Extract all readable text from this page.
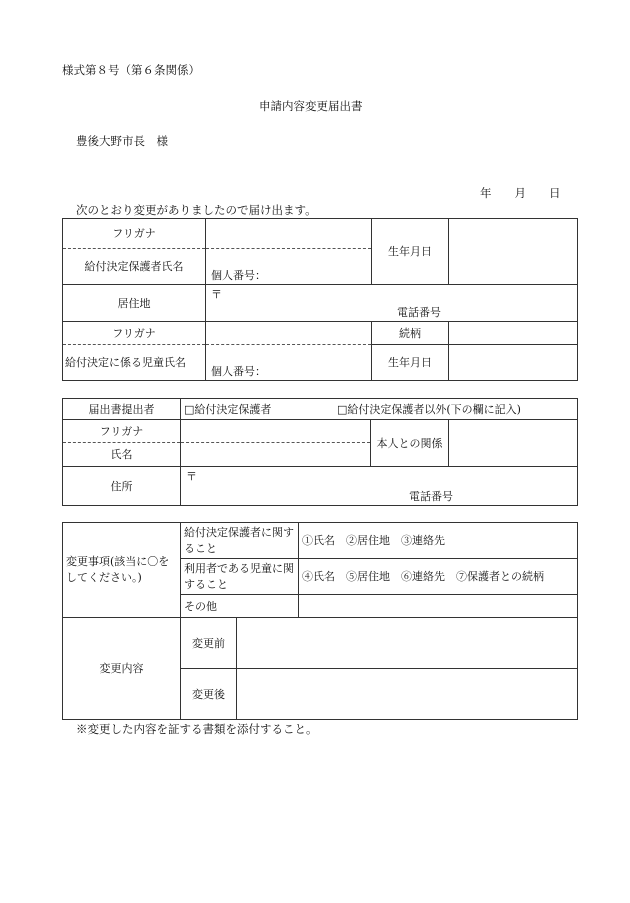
様式第８号（第６条関係）
申請内容変更届出書
豊後大野市長　様
年　　月　　日
次のとおり変更がありましたので届け出ます。
フリガナ		生年月日	
給付決定保護者氏名	個人番号：		

居住地	〒
電話番号		

フリガナ		続柄	
給付決定に係る児童氏名	個人番号：	生年月日	
届出書提出者	□給付決定保護者 □給付決定保護者以外(下の欄に記入)		

フリガナ		本人との関係	
氏名			
住所	〒
電話番号		
変更事項(該当に〇をしてください。)	給付決定保護者に関すること		①氏名　②居住地　③連絡先
	利用者である児童に関すること		④氏名　⑤居住地　⑥連絡先　⑦保護者との続柄
	その他		
変更内容	変更前		
	変更後		
※変更した内容を証する書類を添付すること。
